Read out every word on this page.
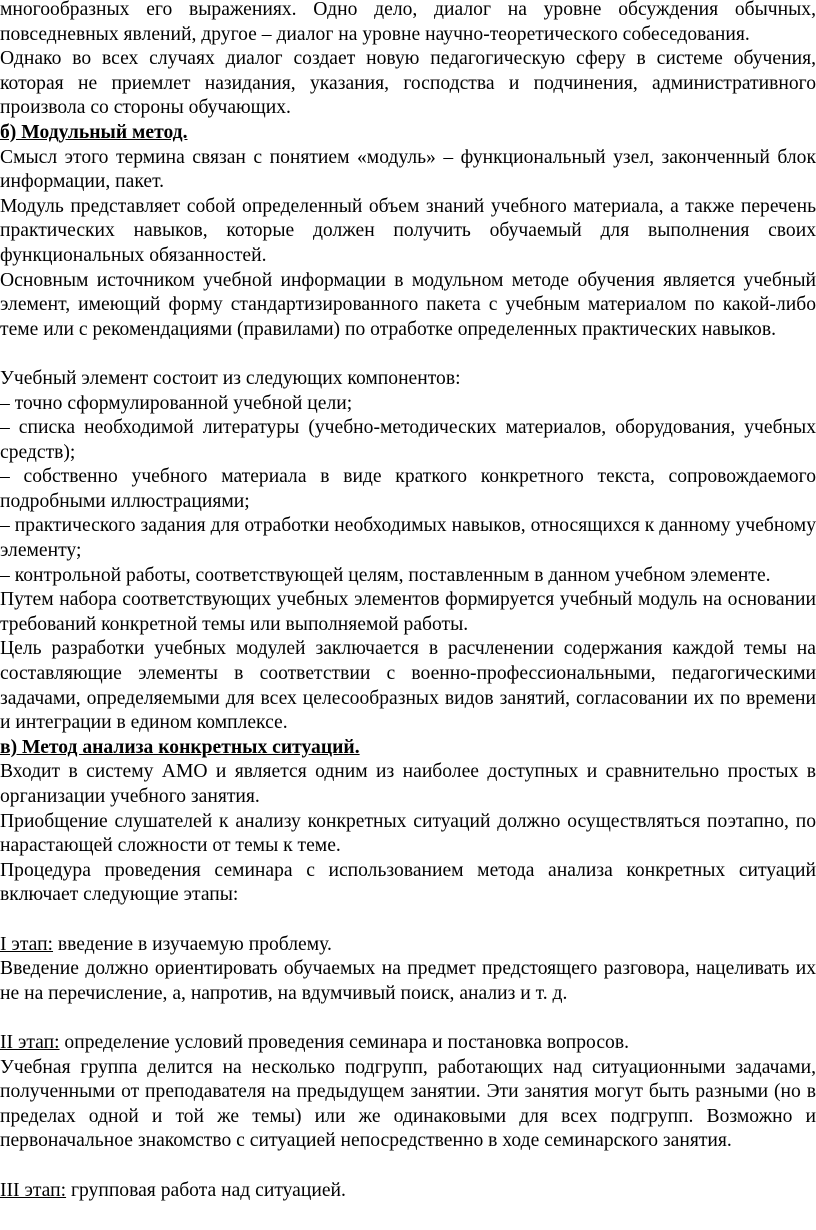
многообразных его выражениях. Одно дело, диалог на уровне обсуждения обычных, повседневных явлений, другое – диалог на уровне научно-теоретического собеседования.

Однако во всех случаях диалог создает новую педагогическую сферу в системе обучения, которая не приемлет назидания, указания, господства и подчинения, административного произвола со стороны обучающих.

б) Модульный метод.

Смысл этого термина связан с понятием «модуль» – функциональный узел, законченный блок информации, пакет.

Модуль представляет собой определенный объем знаний учебного материала, а также перечень практических навыков, которые должен получить обучаемый для выполнения своих функциональных обязанностей.

Основным источником учебной информации в модульном методе обучения является учебный элемент, имеющий форму стандартизированного пакета с учебным материалом по какой-либо теме или с рекомендациями (правилами) по отработке определенных практических навыков.

Учебный элемент состоит из следующих компонентов:

– точно сформулированной учебной цели;

– списка необходимой литературы (учебно-методических материалов, оборудования, учебных средств);

– собственно учебного материала в виде краткого конкретного текста, сопровождаемого подробными иллюстрациями;

– практического задания для отработки необходимых навыков, относящихся к данному учебному элементу;

– контрольной работы, соответствующей целям, поставленным в данном учебном элементе.

Путем набора соответствующих учебных элементов формируется учебный модуль на основании требований конкретной темы или выполняемой работы.

Цель разработки учебных модулей заключается в расчленении содержания каждой темы на составляющие элементы в соответствии с военно-профессиональными, педагогическими задачами, определяемыми для всех целесообразных видов занятий, согласовании их по времени и интеграции в едином комплексе.

в) Метод анализа конкретных ситуаций.

Входит в систему АМО и является одним из наиболее доступных и сравнительно простых в организации учебного занятия.

Приобщение слушателей к анализу конкретных ситуаций должно осуществляться поэтапно, по нарастающей сложности от темы к теме.

Процедура проведения семинара с использованием метода анализа конкретных ситуаций включает следующие этапы:

I этап: введение в изучаемую проблему.

Введение должно ориентировать обучаемых на предмет предстоящего разговора, нацеливать их не на перечисление, а, напротив, на вдумчивый поиск, анализ и т. д.

II этап: определение условий проведения семинара и постановка вопросов.

Учебная группа делится на несколько подгрупп, работающих над ситуационными задачами, полученными от преподавателя на предыдущем занятии. Эти занятия могут быть разными (но в пределах одной и той же темы) или же одинаковыми для всех подгрупп. Возможно и первоначальное знакомство с ситуацией непосредственно в ходе семинарского занятия.

III этап: групповая работа над ситуацией.
